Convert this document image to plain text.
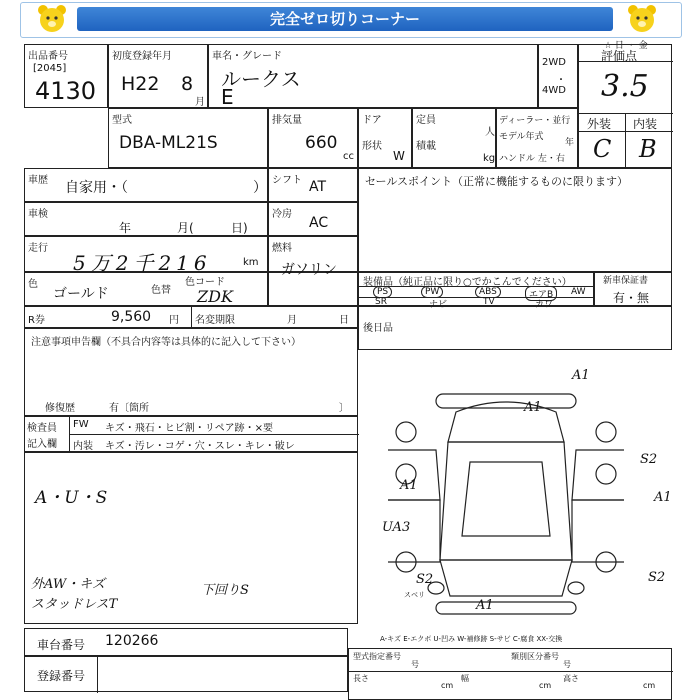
完全ゼロ切りコーナー
☆ 日 ・ 金
出品番号
[2045]
4130
初度登録年月
H22 8
月
車名・グレード
ルークス
E
2WD
・
4WD
評価点
3.5
外装 内装
C B
型式
DBA-ML21S
排気量
660
cc
ドア
形状
W
定員
人
積載
kg
ディーラー・並行
モデル年式
年
ハンドル 左・右
車歴 自家用・（	） シフト AT	セールスポイント（正常に機能するものに限ります）
車検
年	月(	日)
冷房
AC
走行
5万2千216	km
燃料
色
ゴールド	色替
色コード
ZDK
ガソリン
装備品（純正品に限り○でかこんでください）
PS	PW	ABS	エアB
SR	ナビ	TV	カワ
AW
新車保証書
有・無
R券	9,560 円 名変期限	月	日
後日品
注意事項申告欄（不具合内容等は具体的に記入して下さい）
修復歴	有〔箇所	〕
検査員
記入欄
FW キズ・飛石・ヒビ割・リペア跡・×要
内装 キズ・汚レ・コゲ・穴・スレ・キレ・破レ
A・U・S
外AW・キズ
スタッドレスT
下回りS
A1
A1
A1
S2
A1
UA3
S2	S2
A1
スベリ
車台番号 120266
登録番号
A-キズ E-エクボ U-凹み W-補修跡 S-サビ C-腐食 XX-交換
型式指定番号
号
類別区分番号
号
長さ
cm
幅
cm
高さ
cm
